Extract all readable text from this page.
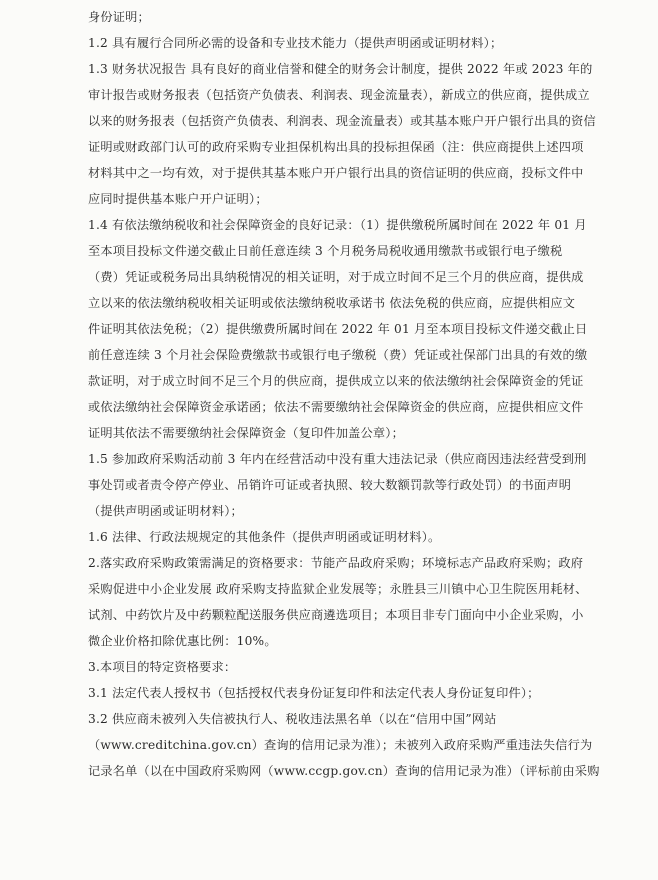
身份证明；
1.2 具有履行合同所必需的设备和专业技术能力（提供声明函或证明材料）；
1.3 财务状况报告 具有良好的商业信誉和健全的财务会计制度，提供 2022 年或 2023 年的
审计报告或财务报表（包括资产负债表、利润表、现金流量表），新成立的供应商，提供成立
以来的财务报表（包括资产负债表、利润表、现金流量表）或其基本账户开户银行出具的资信
证明或财政部门认可的政府采购专业担保机构出具的投标担保函（注：供应商提供上述四项
材料其中之一均有效，对于提供其基本账户开户银行出具的资信证明的供应商，投标文件中
应同时提供基本账户开户证明）；
1.4 有依法缴纳税收和社会保障资金的良好记录：（1）提供缴税所属时间在 2022 年 01 月
至本项目投标文件递交截止日前任意连续 3 个月税务局税收通用缴款书或银行电子缴税
（费）凭证或税务局出具纳税情况的相关证明，对于成立时间不足三个月的供应商，提供成
立以来的依法缴纳税收相关证明或依法缴纳税收承诺书 依法免税的供应商，应提供相应文
件证明其依法免税；（2）提供缴费所属时间在 2022 年 01 月至本项目投标文件递交截止日
前任意连续 3 个月社会保险费缴款书或银行电子缴税（费）凭证或社保部门出具的有效的缴
款证明，对于成立时间不足三个月的供应商，提供成立以来的依法缴纳社会保障资金的凭证
或依法缴纳社会保障资金承诺函；依法不需要缴纳社会保障资金的供应商，应提供相应文件
证明其依法不需要缴纳社会保障资金（复印件加盖公章）；
1.5 参加政府采购活动前 3 年内在经营活动中没有重大违法记录（供应商因违法经营受到刑
事处罚或者责令停产停业、吊销许可证或者执照、较大数额罚款等行政处罚）的书面声明
（提供声明函或证明材料）；
1.6 法律、行政法规规定的其他条件（提供声明函或证明材料）。
2.落实政府采购政策需满足的资格要求：节能产品政府采购；环境标志产品政府采购；政府
采购促进中小企业发展 政府采购支持监狱企业发展等；永胜县三川镇中心卫生院医用耗材、
试剂、中药饮片及中药颗粒配送服务供应商遴选项目；本项目非专门面向中小企业采购，小
微企业价格扣除优惠比例：10%。
3.本项目的特定资格要求：
3.1 法定代表人授权书（包括授权代表身份证复印件和法定代表人身份证复印件）；
3.2 供应商未被列入失信被执行人、税收违法黑名单（以在“信用中国”网站
（www.creditchina.gov.cn）查询的信用记录为准）；未被列入政府采购严重违法失信行为
记录名单（以在中国政府采购网（www.ccgp.gov.cn）查询的信用记录为准）（评标前由采购
